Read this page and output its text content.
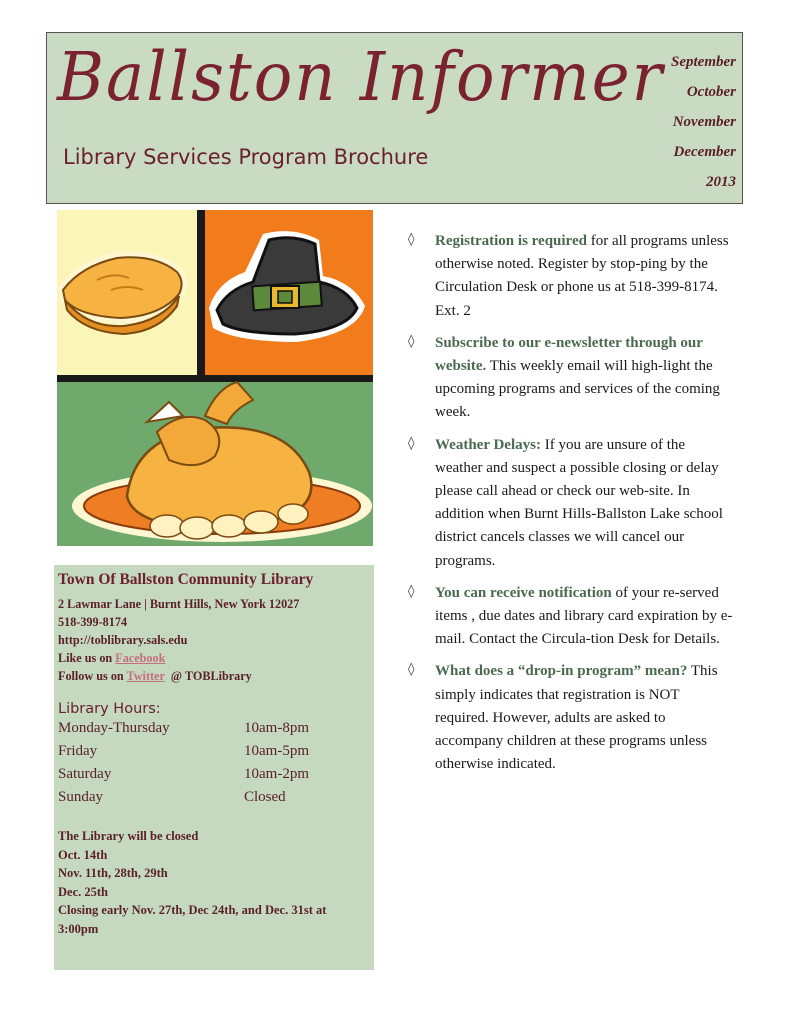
Ballston Informer
Library Services Program Brochure
September
October
November
December
2013
Town Of Ballston Community Library
2 Lawmar Lane | Burnt Hills, New York 12027
518-399-8174
http://toblibrary.sals.edu
Like us on Facebook
Follow us on Twitter  @ TOBLibrary
Library Hours:
Monday-Thursday	10am-8pm
Friday	10am-5pm
Saturday	10am-2pm
Sunday	Closed
The Library will be closed
Oct. 14th
Nov. 11th, 28th, 29th
Dec. 25th
Closing early Nov. 27th, Dec 24th, and Dec. 31st at
3:00pm
◊ Registration is required for all programs unless otherwise noted. Register by stop-ping by the Circulation Desk or phone us at 518-399-8174. Ext. 2
◊ Subscribe to our e-newsletter through our website. This weekly email will high-light the upcoming programs and services of the coming week.
◊ Weather Delays: If you are unsure of the weather and suspect a possible closing or delay please call ahead or check our web-site. In addition when Burnt Hills-Ballston Lake school district cancels classes we will cancel our programs.
◊ You can receive notification of your re-served items , due dates and library card expiration by e-mail. Contact the Circula-tion Desk for Details.
◊ What does a “drop-in program” mean? This simply indicates that registration is NOT required. However, adults are asked to accompany children at these programs unless otherwise indicated.
